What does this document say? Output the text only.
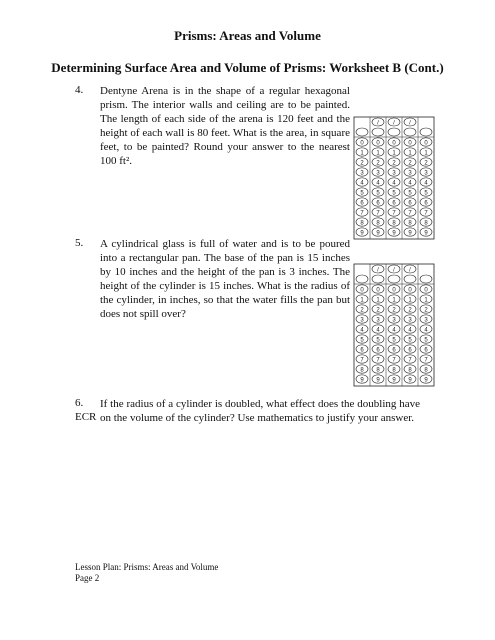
Prisms: Areas and Volume
Determining Surface Area and Volume of Prisms: Worksheet B (Cont.)
4. Dentyne Arena is in the shape of a regular hexagonal prism. The interior walls and ceiling are to be painted. The length of each side of the arena is 120 feet and the height of each wall is 80 feet. What is the area, in square feet, to be painted? Round your answer to the nearest 100 ft².
/ / /
0 0 0 0 0
1 1 1 1 1
2 2 2 2 2
3 3 3 3 3
4 4 4 4 4
5 5 5 5 5
6 6 6 6 6
7 7 7 7 7
8 8 8 8 8
9 9 9 9 9
5. A cylindrical glass is full of water and is to be poured into a rectangular pan. The base of the pan is 15 inches by 10 inches and the height of the pan is 3 inches. The height of the cylinder is 15 inches. What is the radius of the cylinder, in inches, so that the water fills the pan but does not spill over?
/ / /
0 0 0 0 0
1 1 1 1 1
2 2 2 2 2
3 3 3 3 3
4 4 4 4 4
5 5 5 5 5
6 6 6 6 6
7 7 7 7 7
8 8 8 8 8
9 9 9 9 9
6.
ECR
If the radius of a cylinder is doubled, what effect does the doubling have on the volume of the cylinder? Use mathematics to justify your answer.
Lesson Plan: Prisms: Areas and Volume
Page 2
